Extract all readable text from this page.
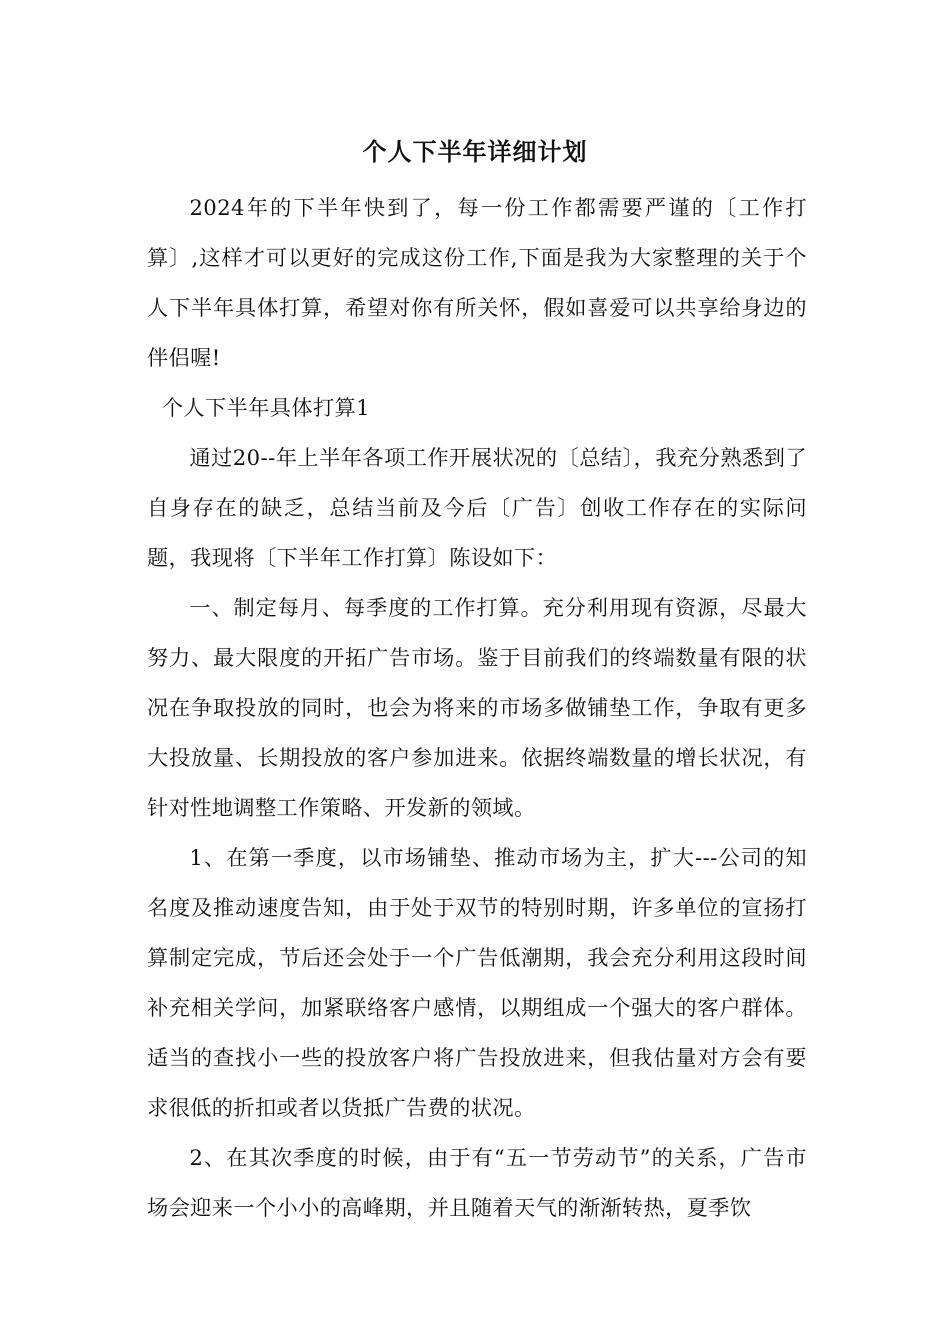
个人下半年详细计划

2024年的下半年快到了，每一份工作都需要严谨的〔工作打算〕,这样才可以更好的完成这份工作,下面是我为大家整理的关于个人下半年具体打算，希望对你有所关怀，假如喜爱可以共享给身边的伴侣喔!

个人下半年具体打算1

通过20--年上半年各项工作开展状况的〔总结〕，我充分熟悉到了自身存在的缺乏，总结当前及今后〔广告〕创收工作存在的实际问题，我现将〔下半年工作打算〕陈设如下：

一、制定每月、每季度的工作打算。充分利用现有资源，尽最大努力、最大限度的开拓广告市场。鉴于目前我们的终端数量有限的状况在争取投放的同时，也会为将来的市场多做铺垫工作，争取有更多大投放量、长期投放的客户参加进来。依据终端数量的增长状况，有针对性地调整工作策略、开发新的领域。

1、在第一季度，以市场铺垫、推动市场为主，扩大---公司的知名度及推动速度告知，由于处于双节的特别时期，许多单位的宣扬打算制定完成，节后还会处于一个广告低潮期，我会充分利用这段时间补充相关学问，加紧联络客户感情，以期组成一个强大的客户群体。适当的查找小一些的投放客户将广告投放进来，但我估量对方会有要求很低的折扣或者以货抵广告费的状况。

2、在其次季度的时候，由于有“五一节劳动节”的关系，广告市场会迎来一个小小的高峰期，并且随着天气的渐渐转热，夏季饮
